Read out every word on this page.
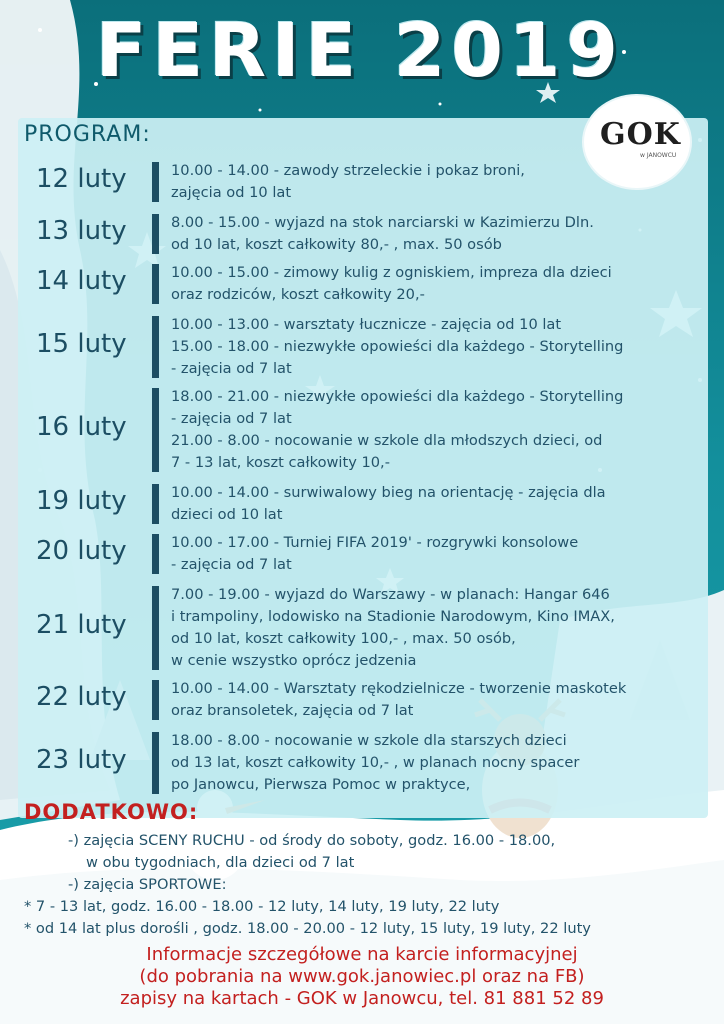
FERIE 2019
PROGRAM:	GOK
w JANOWCU
12 luty	10.00 - 14.00 - zawody strzeleckie i pokaz broni,
zajęcia od 10 lat
13 luty	8.00 - 15.00 - wyjazd na stok narciarski w Kazimierzu Dln.
od 10 lat, koszt całkowity 80,- , max. 50 osób
14 luty	10.00 - 15.00 - zimowy kulig z ogniskiem, impreza dla dzieci
oraz rodziców, koszt całkowity 20,-
15 luty
10.00 - 13.00 - warsztaty łucznicze - zajęcia od 10 lat
15.00 - 18.00 - niezwykłe opowieści dla każdego - Storytelling
- zajęcia od 7 lat
16 luty
18.00 - 21.00 - niezwykłe opowieści dla każdego - Storytelling
- zajęcia od 7 lat
21.00 - 8.00 - nocowanie w szkole dla młodszych dzieci, od
7 - 13 lat, koszt całkowity 10,-
19 luty	10.00 - 14.00 - surwiwalowy bieg na orientację - zajęcia dla
dzieci od 10 lat
20 luty	10.00 - 17.00 - Turniej FIFA 2019' - rozgrywki konsolowe
- zajęcia od 7 lat
21 luty
7.00 - 19.00 - wyjazd do Warszawy - w planach: Hangar 646
i trampoliny, lodowisko na Stadionie Narodowym, Kino IMAX,
od 10 lat, koszt całkowity 100,- , max. 50 osób,
w cenie wszystko oprócz jedzenia
22 luty	10.00 - 14.00 - Warsztaty rękodzielnicze - tworzenie maskotek
oraz bransoletek, zajęcia od 7 lat
23 luty
18.00 - 8.00 - nocowanie w szkole dla starszych dzieci
od 13 lat, koszt całkowity 10,- , w planach nocny spacer
po Janowcu, Pierwsza Pomoc w praktyce,
DODATKOWO:
-) zajęcia SCENY RUCHU - od środy do soboty, godz. 16.00 - 18.00,
w obu tygodniach, dla dzieci od 7 lat
-) zajęcia SPORTOWE:
* 7 - 13 lat, godz. 16.00 - 18.00 - 12 luty, 14 luty, 19 luty, 22 luty
* od 14 lat plus dorośli , godz. 18.00 - 20.00 - 12 luty, 15 luty, 19 luty, 22 luty
Informacje szczegółowe na karcie informacyjnej
(do pobrania na www.gok.janowiec.pl oraz na FB)
zapisy na kartach - GOK w Janowcu, tel. 81 881 52 89
